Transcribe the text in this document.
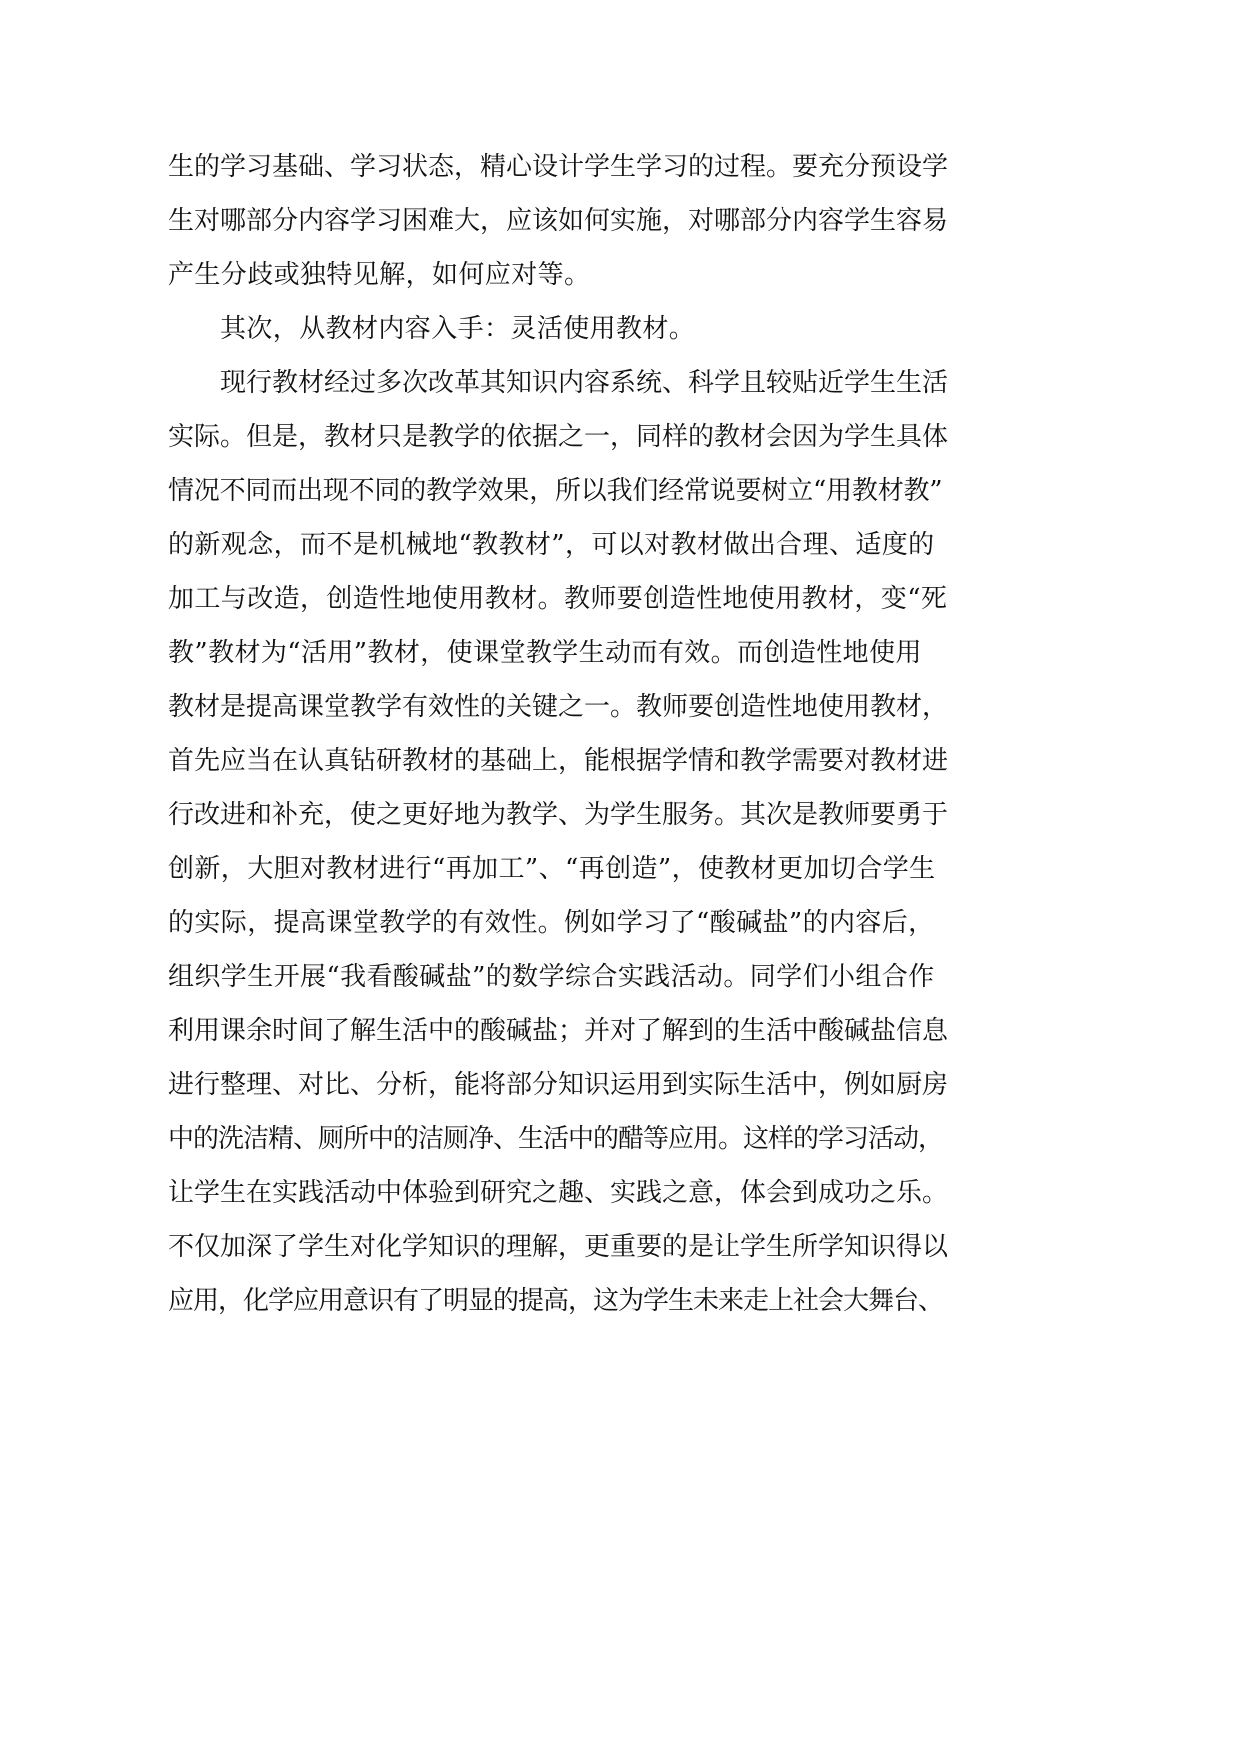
生的学习基础、学习状态，精心设计学生学习的过程。要充分预设学
生对哪部分内容学习困难大，应该如何实施，对哪部分内容学生容易
产生分歧或独特见解，如何应对等。
其次，从教材内容入手：灵活使用教材。
现行教材经过多次改革其知识内容系统、科学且较贴近学生生活
实际。但是，教材只是教学的依据之一，同样的教材会因为学生具体
情况不同而出现不同的教学效果，所以我们经常说要树立“用教材教”
的新观念，而不是机械地“教教材”，可以对教材做出合理、适度的
加工与改造，创造性地使用教材。教师要创造性地使用教材，变“死
教”教材为“活用”教材，使课堂教学生动而有效。而创造性地使用
教材是提高课堂教学有效性的关键之一。教师要创造性地使用教材，
首先应当在认真钻研教材的基础上，能根据学情和教学需要对教材进
行改进和补充，使之更好地为教学、为学生服务。其次是教师要勇于
创新，大胆对教材进行“再加工”、“再创造”，使教材更加切合学生
的实际，提高课堂教学的有效性。例如学习了“酸碱盐”的内容后，
组织学生开展“我看酸碱盐”的数学综合实践活动。同学们小组合作
利用课余时间了解生活中的酸碱盐；并对了解到的生活中酸碱盐信息
进行整理、对比、分析，能将部分知识运用到实际生活中，例如厨房
中的洗洁精、厕所中的洁厕净、生活中的醋等应用。这样的学习活动，
让学生在实践活动中体验到研究之趣、实践之意，体会到成功之乐。
不仅加深了学生对化学知识的理解，更重要的是让学生所学知识得以
应用，化学应用意识有了明显的提高，这为学生未来走上社会大舞台、
